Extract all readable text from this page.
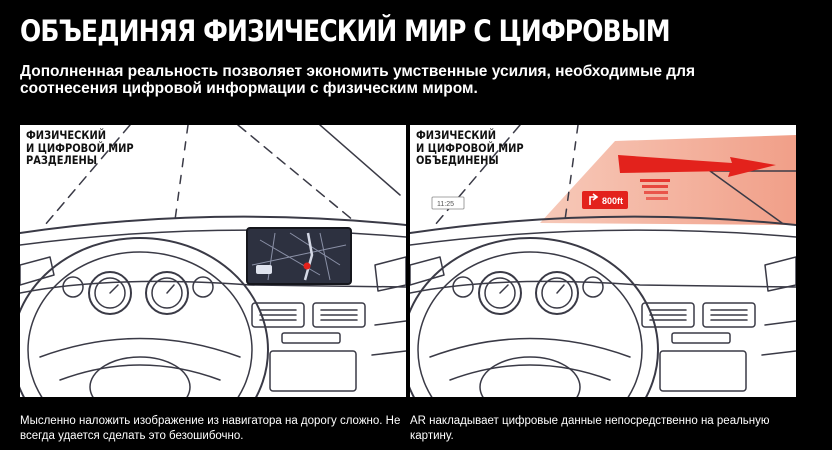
ОБЪЕДИНЯЯ ФИЗИЧЕСКИЙ МИР С ЦИФРОВЫМ
Дополненная реальность позволяет экономить умственные усилия, необходимые для соотнесения цифровой информации с физическим миром.
ФИЗИЧЕСКИЙ
И ЦИФРОВОЙ МИР
РАЗДЕЛЕНЫ
Мысленно наложить изображение из навигатора на дорогу сложно. Не всегда удается сделать это безошибочно.
ФИЗИЧЕСКИЙ
И ЦИФРОВОЙ МИР
ОБЪЕДИНЕНЫ
800ft
11:25
AR накладывает цифровые данные непосредственно на реальную картину.
